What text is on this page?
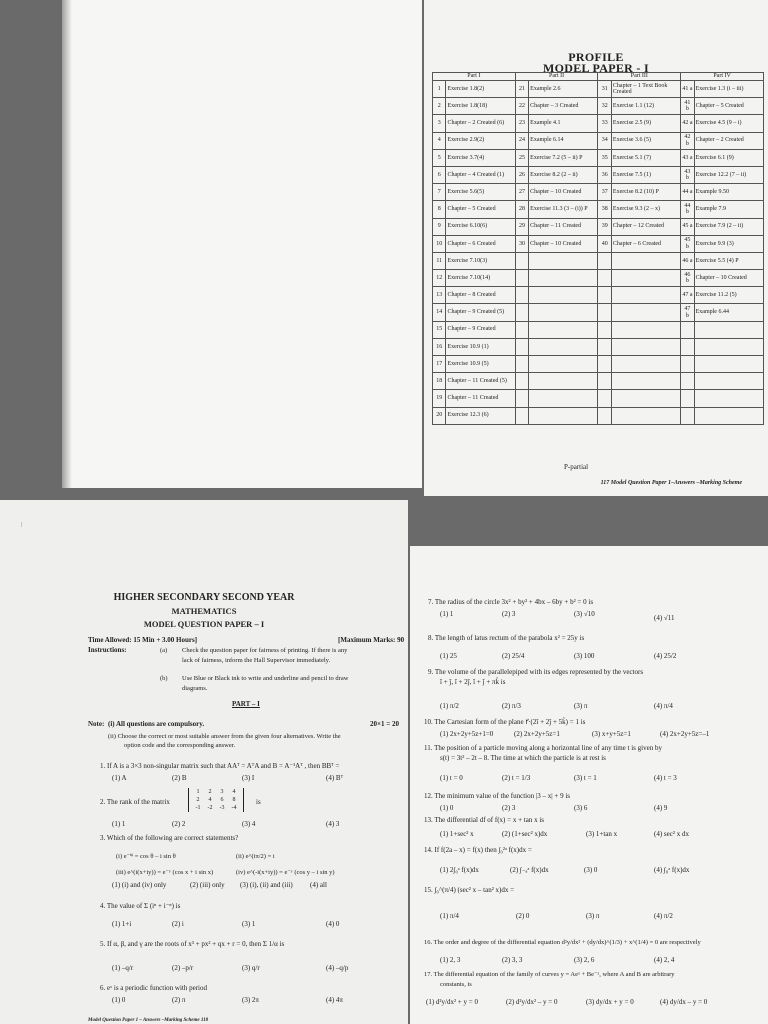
PROFILE
MODEL PAPER - I
Part I		Part II		Part III		Part IV	
1	Exercise 1.8(2)	21	Example 2.6	31	Chapter – 1 Text Book Created	41 a	Exercise 1.3 (i – iii)
2	Exercise 1.8(18)	22	Chapter – 3 Created	32	Exercise 1.1 (12)	41 b	Chapter – 5 Created
3	Chapter – 2 Created (6)	23	Example 4.1	33	Exercise 2.5 (9)	42 a	Exercise 4.5 (9 – i)
4	Exercise 2.9(2)	24	Example 6.14	34	Exercise 3.6 (5)	42 b	Chapter – 2 Created
5	Exercise 3.7(4)	25	Exercise 7.2 (5 – ii) P	35	Exercise 5.1 (7)	43 a	Exercise 6.1 (9)
6	Chapter – 4 Created (1)	26	Exercise 8.2 (2 – ii)	36	Exercise 7.5 (1)	43 b	Exercise 12.2 (7 – ii)
7	Exercise 5.6(5)	27	Chapter – 10 Created	37	Exercise 8.2 (10) P	44 a	Example 9.50
8	Chapter – 5 Created	28	Exercise 11.3 (3 – (i)) P	38	Exercise 9.3 (2 – x)	44 b	Example 7.9
9	Exercise 6.10(6)	29	Chapter – 11 Created	39	Chapter – 12 Created	45 a	Exercise 7.9 (2 – ii)
10	Chapter – 6 Created	30	Chapter – 10 Created	40	Chapter – 6 Created	45 b	Exercise 9.9 (3)
11	Exercise 7.10(3)					46 a	Exercise 5.5 (4) P
12	Exercise 7.10(14)					46 b	Chapter – 10 Created
13	Chapter – 8 Created					47 a	Exercise 11.2 (5)
14	Chapter – 9 Created (5)					47 b	Example 6.44
15	Chapter – 9 Created						
16	Exercise 10.9 (1)						
17	Exercise 10.9 (5)						
18	Chapter – 11 Created (5)						
19	Chapter – 11 Created						
20	Exercise 12.3 (6)						
P-partial
117 Model Question Paper 1–Answers –Marking Scheme
—
HIGHER SECONDARY SECOND YEAR
MATHEMATICS
MODEL QUESTION PAPER – I
Time Allowed: 15 Min + 3.00 Hours]	[Maximum Marks: 90
Instructions:	(a) Check the question paper for fairness of printing. If there is any
lack of fairness, inform the Hall Supervisor immediately.
(b) Use Blue or Black ink to write and underline and pencil to draw
diagrams.
PART – I
Note: (i) All questions are compulsory.	20×1 = 20
(ii) Choose the correct or most suitable answer from the given four alternatives. Write the
option code and the corresponding answer.
1. If A is a 3×3 non-singular matrix such that AAᵀ = AᵀA and B = A⁻¹Aᵀ , then BBᵀ =
(1) A	(2) B	(3) I	(4) Bᵀ
2. The rank of the matrix
1 2 3 4
2 4 6 8
-1 -2 -3 -4
is
(1) 1	(2) 2	(3) 4	(4) 3
3. Which of the following are correct statements?
(i) e⁻ⁱᶿ = cos θ – i sin θ	(ii) e^(iπ/2) = i
(iii) e^(i(x+iy)) = e⁻ʸ (cos x + i sin x)	(iv) e^(-i(x+iy)) = e⁻ʸ (cos y – i sin y)
(1) (i) and (iv) only	(2) (iii) only (3) (i), (ii) and (iii) (4) all
4. The value of Σ (iⁿ + i⁻ⁿ) is
(1) 1+i	(2) i	(3) 1	(4) 0
5. If α, β, and γ are the roots of x³ + px² + qx + r = 0, then Σ 1/α is
(1) –q/r	(2) –p/r	(3) q/r	(4) –q/p
6. eˣ is a periodic function with period
(1) 0	(2) π	(3) 2π	(4) 4π
Model Question Paper 1 – Answers –Marking Scheme 118
7. The radius of the circle 3x² + by² + 4bx – 6by + b² = 0 is
(1) 1	(2) 3	(3) √10	(4) √11
8. The length of latus rectum of the parabola x² = 25y is
(1) 25	(2) 25/4	(3) 100	(4) 25/2
9. The volume of the parallelepiped with its edges represented by the vectors
î + ĵ, î + 2ĵ, î + ĵ + πk̂ is
(1) π/2	(2) π/3	(3) π	(4) π/4
10. The Cartesian form of the plane r⃗·(2î + 2ĵ + 5k̂) = 1 is
(1) 2x+2y+5z+1=0	(2) 2x+2y+5z=1	(3) x+y+5z=1	(4) 2x+2y+5z=–1
11. The position of a particle moving along a horizontal line of any time t is given by
s(t) = 3t² – 2t – 8. The time at which the particle is at rest is
(1) t = 0	(2) t = 1/3	(3) t = 1	(4) t = 3
12. The minimum value of the function |3 – x| + 9 is
(1) 0	(2) 3	(3) 6	(4) 9
13. The differential df of f(x) = x + tan x is
(1) 1+sec² x	(2) (1+sec² x)dx	(3) 1+tan x	(4) sec² x dx
14. If f(2a – x) = f(x) then ∫₀²ᵃ f(x)dx =
(1) 2∫₀ᵃ f(x)dx	(2) ∫₋ₐᵃ f(x)dx	(3) 0	(4) ∫₀ᵃ f(x)dx
15. ∫₀^(π/4) (sec² x – tan² x)dx =
(1) π/4	(2) 0	(3) π	(4) π/2
16. The order and degree of the differential equation d²y/dx² + (dy/dx)^(1/3) + x^(1/4) = 0 are respectively
(1) 2, 3	(2) 3, 3	(3) 2, 6	(4) 2, 4
17. The differential equation of the family of curves y = Aeˣ + Be⁻ˣ, where A and B are arbitrary
constants, is
(1) d²y/dx² + y = 0	(2) d²y/dx² – y = 0	(3) dy/dx + y = 0	(4) dy/dx – y = 0
